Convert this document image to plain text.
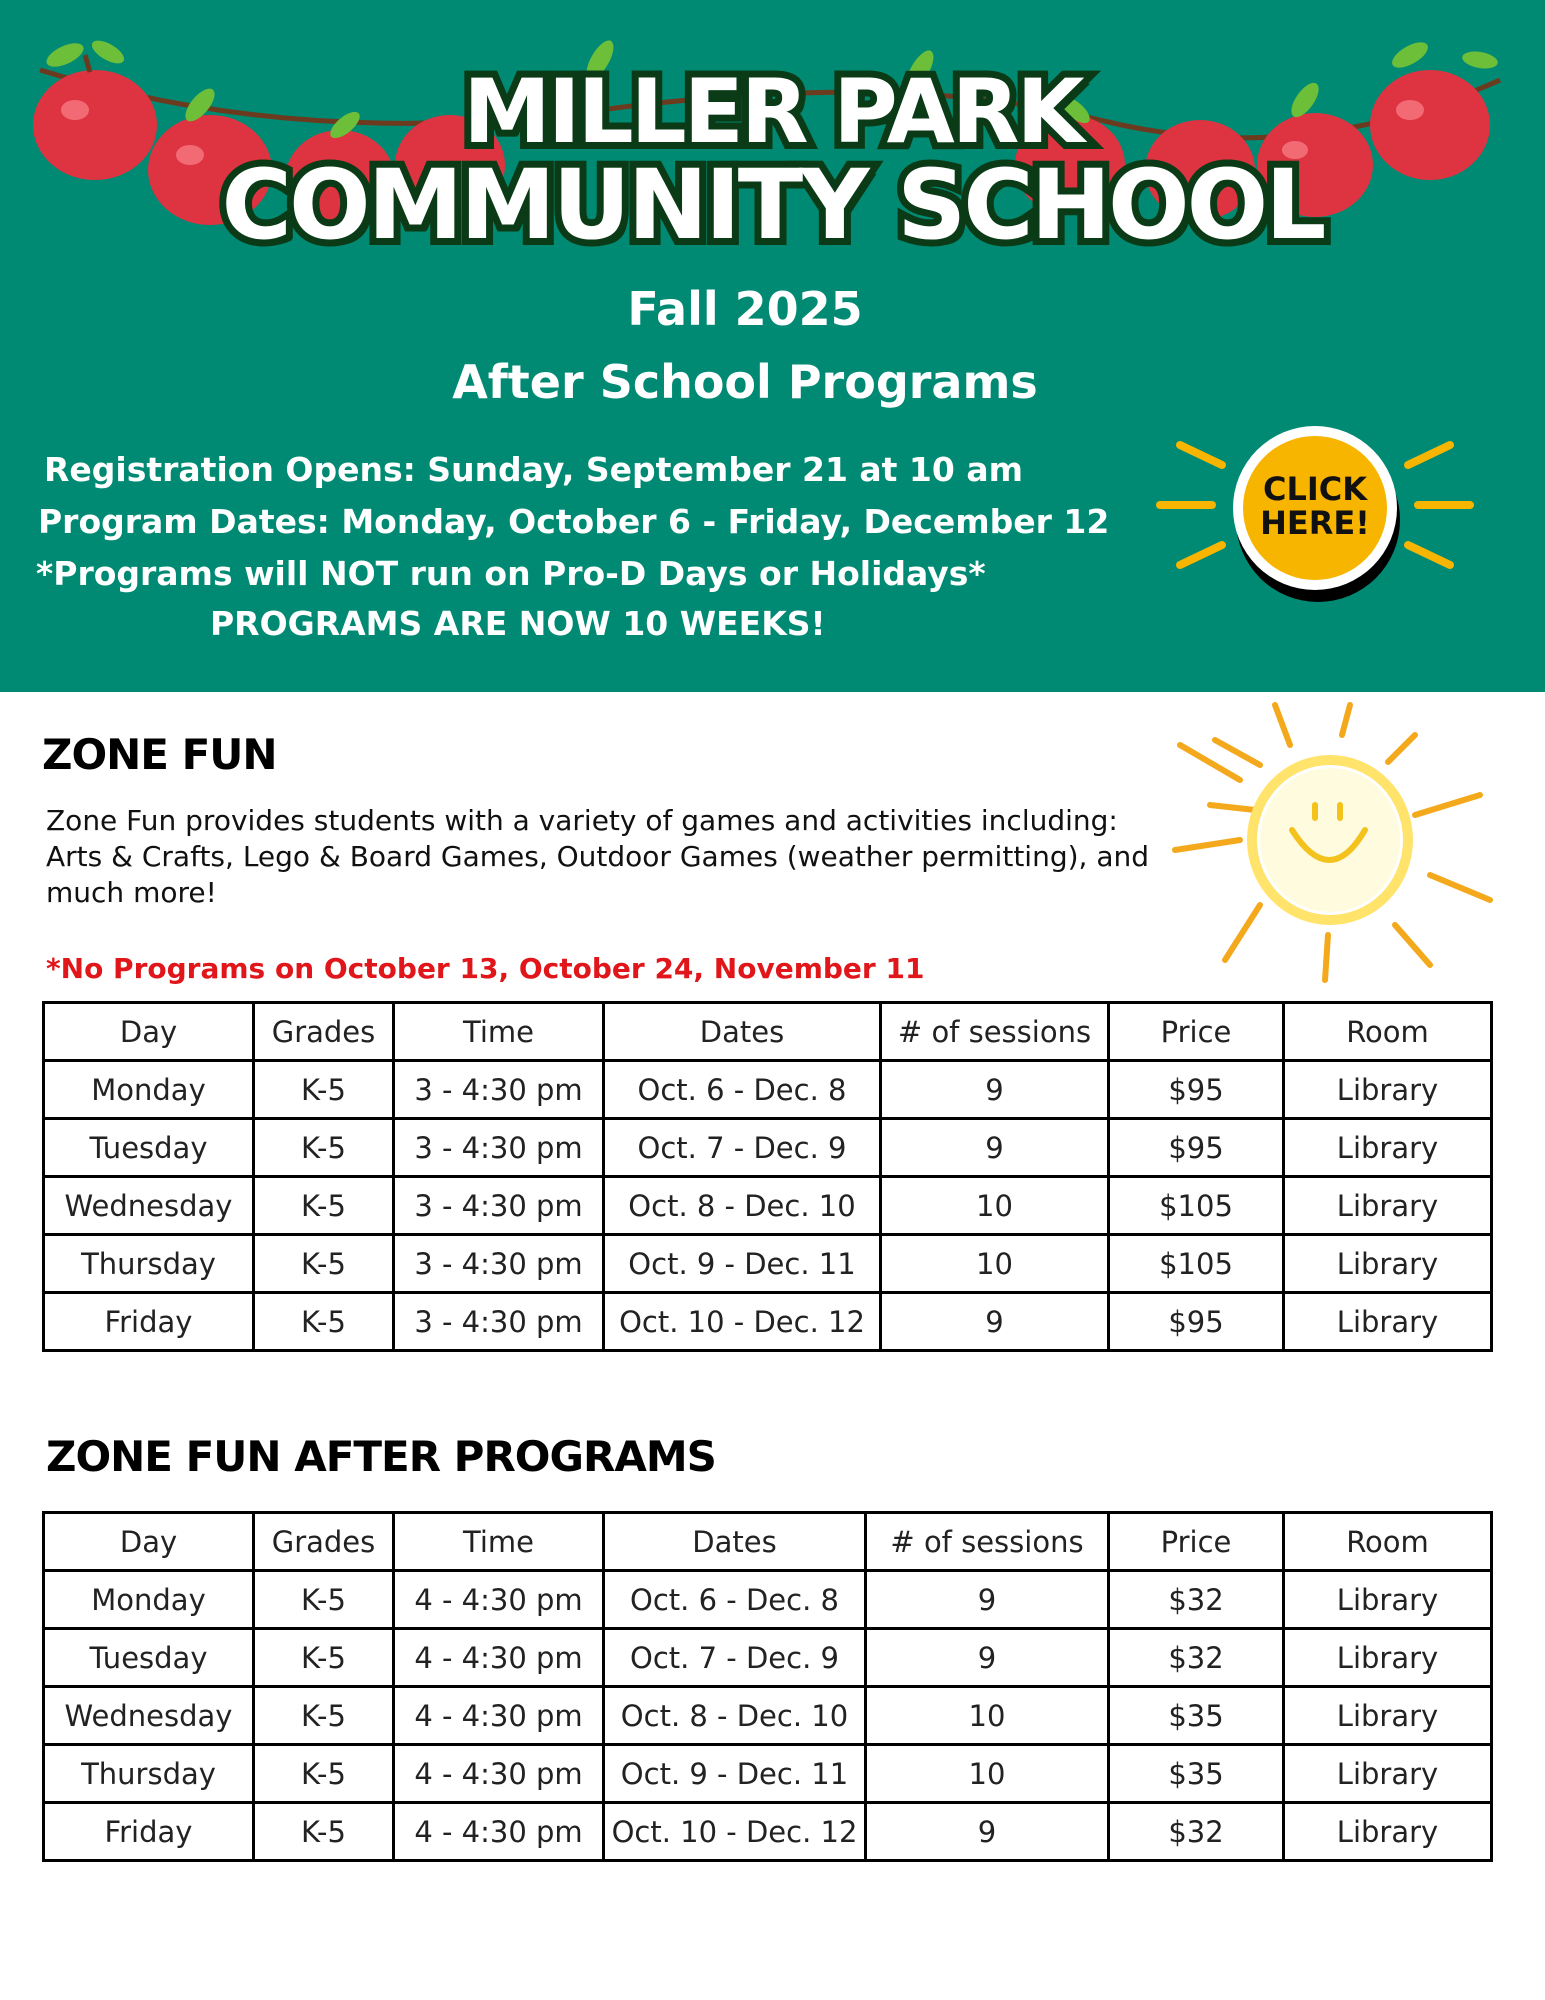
MILLER PARK
COMMUNITY SCHOOL
Fall 2025
After School Programs
Registration Opens: Sunday, September 21 at 10 am
Program Dates: Monday, October 6 - Friday, December 12
*Programs will NOT run on Pro-D Days or Holidays*
PROGRAMS ARE NOW 10 WEEKS!
CLICK
HERE!
ZONE FUN
Zone Fun provides students with a variety of games and activities including: Arts & Crafts, Lego & Board Games, Outdoor Games (weather permitting), and much more!
*No Programs on October 13, October 24, November 11
Day	Grades	Time	Dates	# of sessions	Price	Room
Monday	K-5	3 - 4:30 pm	Oct. 6 - Dec. 8	9	$95	Library
Tuesday	K-5	3 - 4:30 pm	Oct. 7 - Dec. 9	9	$95	Library
Wednesday	K-5	3 - 4:30 pm	Oct. 8 - Dec. 10	10	$105	Library
Thursday	K-5	3 - 4:30 pm	Oct. 9 - Dec. 11	10	$105	Library
Friday	K-5	3 - 4:30 pm	Oct. 10 - Dec. 12	9	$95	Library
ZONE FUN AFTER PROGRAMS
Day	Grades	Time	Dates	# of sessions	Price	Room
Monday	K-5	4 - 4:30 pm	Oct. 6 - Dec. 8	9	$32	Library
Tuesday	K-5	4 - 4:30 pm	Oct. 7 - Dec. 9	9	$32	Library
Wednesday	K-5	4 - 4:30 pm	Oct. 8 - Dec. 10	10	$35	Library
Thursday	K-5	4 - 4:30 pm	Oct. 9 - Dec. 11	10	$35	Library
Friday	K-5	4 - 4:30 pm	Oct. 10 - Dec. 12	9	$32	Library
